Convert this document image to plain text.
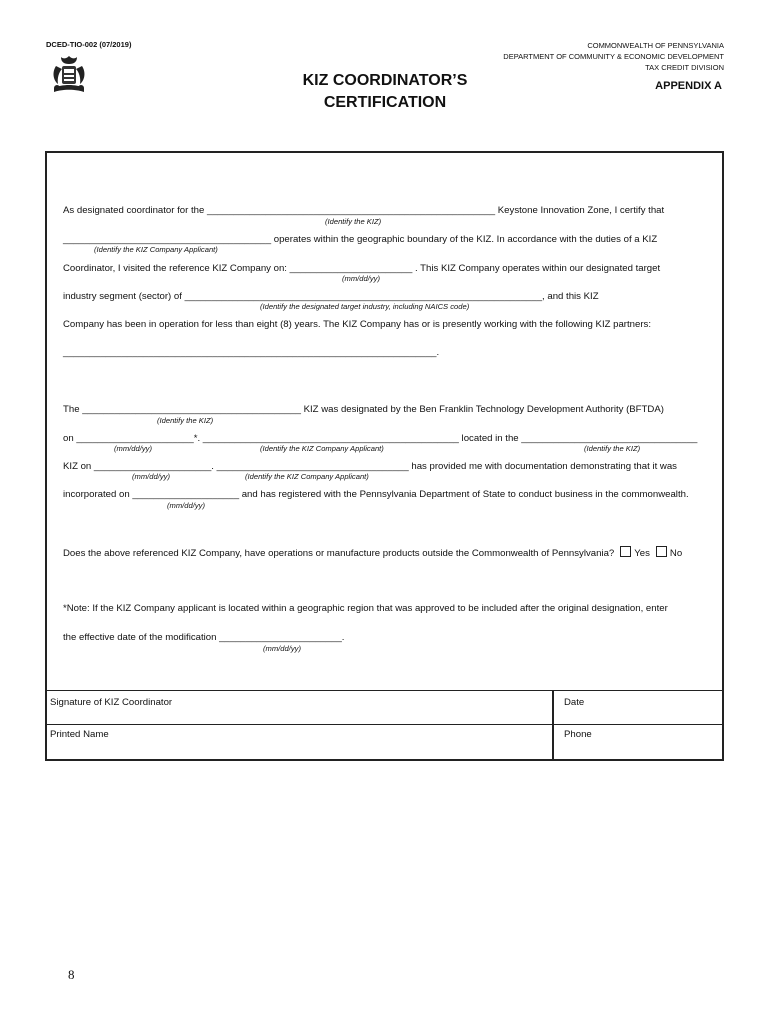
DCED-TIO-002 (07/2019)	COMMONWEALTH OF PENNSYLVANIA
DEPARTMENT OF COMMUNITY & ECONOMIC DEVELOPMENT
TAX CREDIT DIVISION
KIZ COORDINATOR’S
CERTIFICATION
APPENDIX A
As designated coordinator for the ______________________________________________________ Keystone Innovation Zone, I certify that
(Identify the KIZ)
_______________________________________ operates within the geographic boundary of the KIZ. In accordance with the duties of a KIZ
(Identify the KIZ Company Applicant)
Coordinator, I visited the reference KIZ Company on: _______________________ . This KIZ Company operates within our designated target
(mm/dd/yy)
industry segment (sector) of ___________________________________________________________________, and this KIZ
(Identify the designated target industry, including NAICS code)
Company has been in operation for less than eight (8) years. The KIZ Company has or is presently working with the following KIZ partners:
______________________________________________________________________.
The _________________________________________ KIZ was designated by the Ben Franklin Technology Development Authority (BFTDA)
(Identify the KIZ)
on ______________________*. ________________________________________________ located in the _________________________________
(mm/dd/yy)	(Identify the KIZ Company Applicant)	(Identify the KIZ)
KIZ on ______________________. ____________________________________ has provided me with documentation demonstrating that it was
(mm/dd/yy)	(Identify the KIZ Company Applicant)
incorporated on ____________________ and has registered with the Pennsylvania Department of State to conduct business in the commonwealth.
(mm/dd/yy)
Does the above referenced KIZ Company, have operations or manufacture products outside the Commonwealth of Pennsylvania? Yes No
*Note: If the KIZ Company applicant is located within a geographic region that was approved to be included after the original designation, enter
the effective date of the modification _______________________.
(mm/dd/yy)
Signature of KIZ Coordinator	Date
Printed Name	Phone
8
